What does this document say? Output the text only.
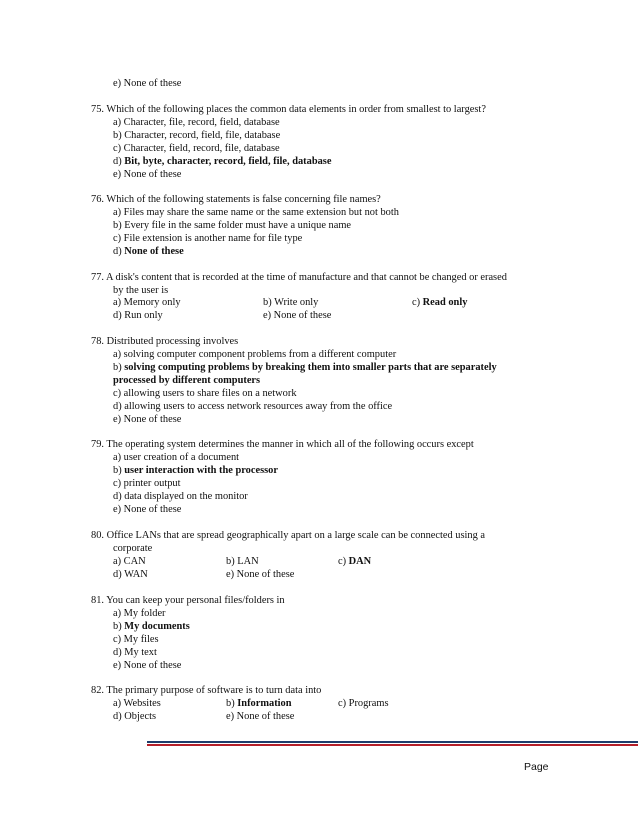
e) None of these
75. Which of the following places the common data elements in order from smallest to largest?
a) Character, file, record, field, database
b) Character, record, field, file, database
c) Character, field, record, file, database
d) Bit, byte, character, record, field, file, database
e) None of these
76. Which of the following statements is false concerning file names?
a) Files may share the same name or the same extension but not both
b) Every file in the same folder must have a unique name
c) File extension is another name for file type
d) None of these
77. A disk's content that is recorded at the time of manufacture and that cannot be changed or erased
by the user is
a) Memory only	b) Write only	c) Read only
d) Run only	e) None of these
78. Distributed processing involves
a) solving computer component problems from a different computer
b) solving computing problems by breaking them into smaller parts that are separately
processed by different computers
c) allowing users to share files on a network
d) allowing users to access network resources away from the office
e) None of these
79. The operating system determines the manner in which all of the following occurs except
a) user creation of a document
b) user interaction with the processor
c) printer output
d) data displayed on the monitor
e) None of these
80. Office LANs that are spread geographically apart on a large scale can be connected using a
corporate
a) CAN	b) LAN	c) DAN
d) WAN	e) None of these
81. You can keep your personal files/folders in
a) My folder
b) My documents
c) My files
d) My text
e) None of these
82. The primary purpose of software is to turn data into
a) Websites	b) Information	c) Programs
d) Objects	e) None of these
Page
